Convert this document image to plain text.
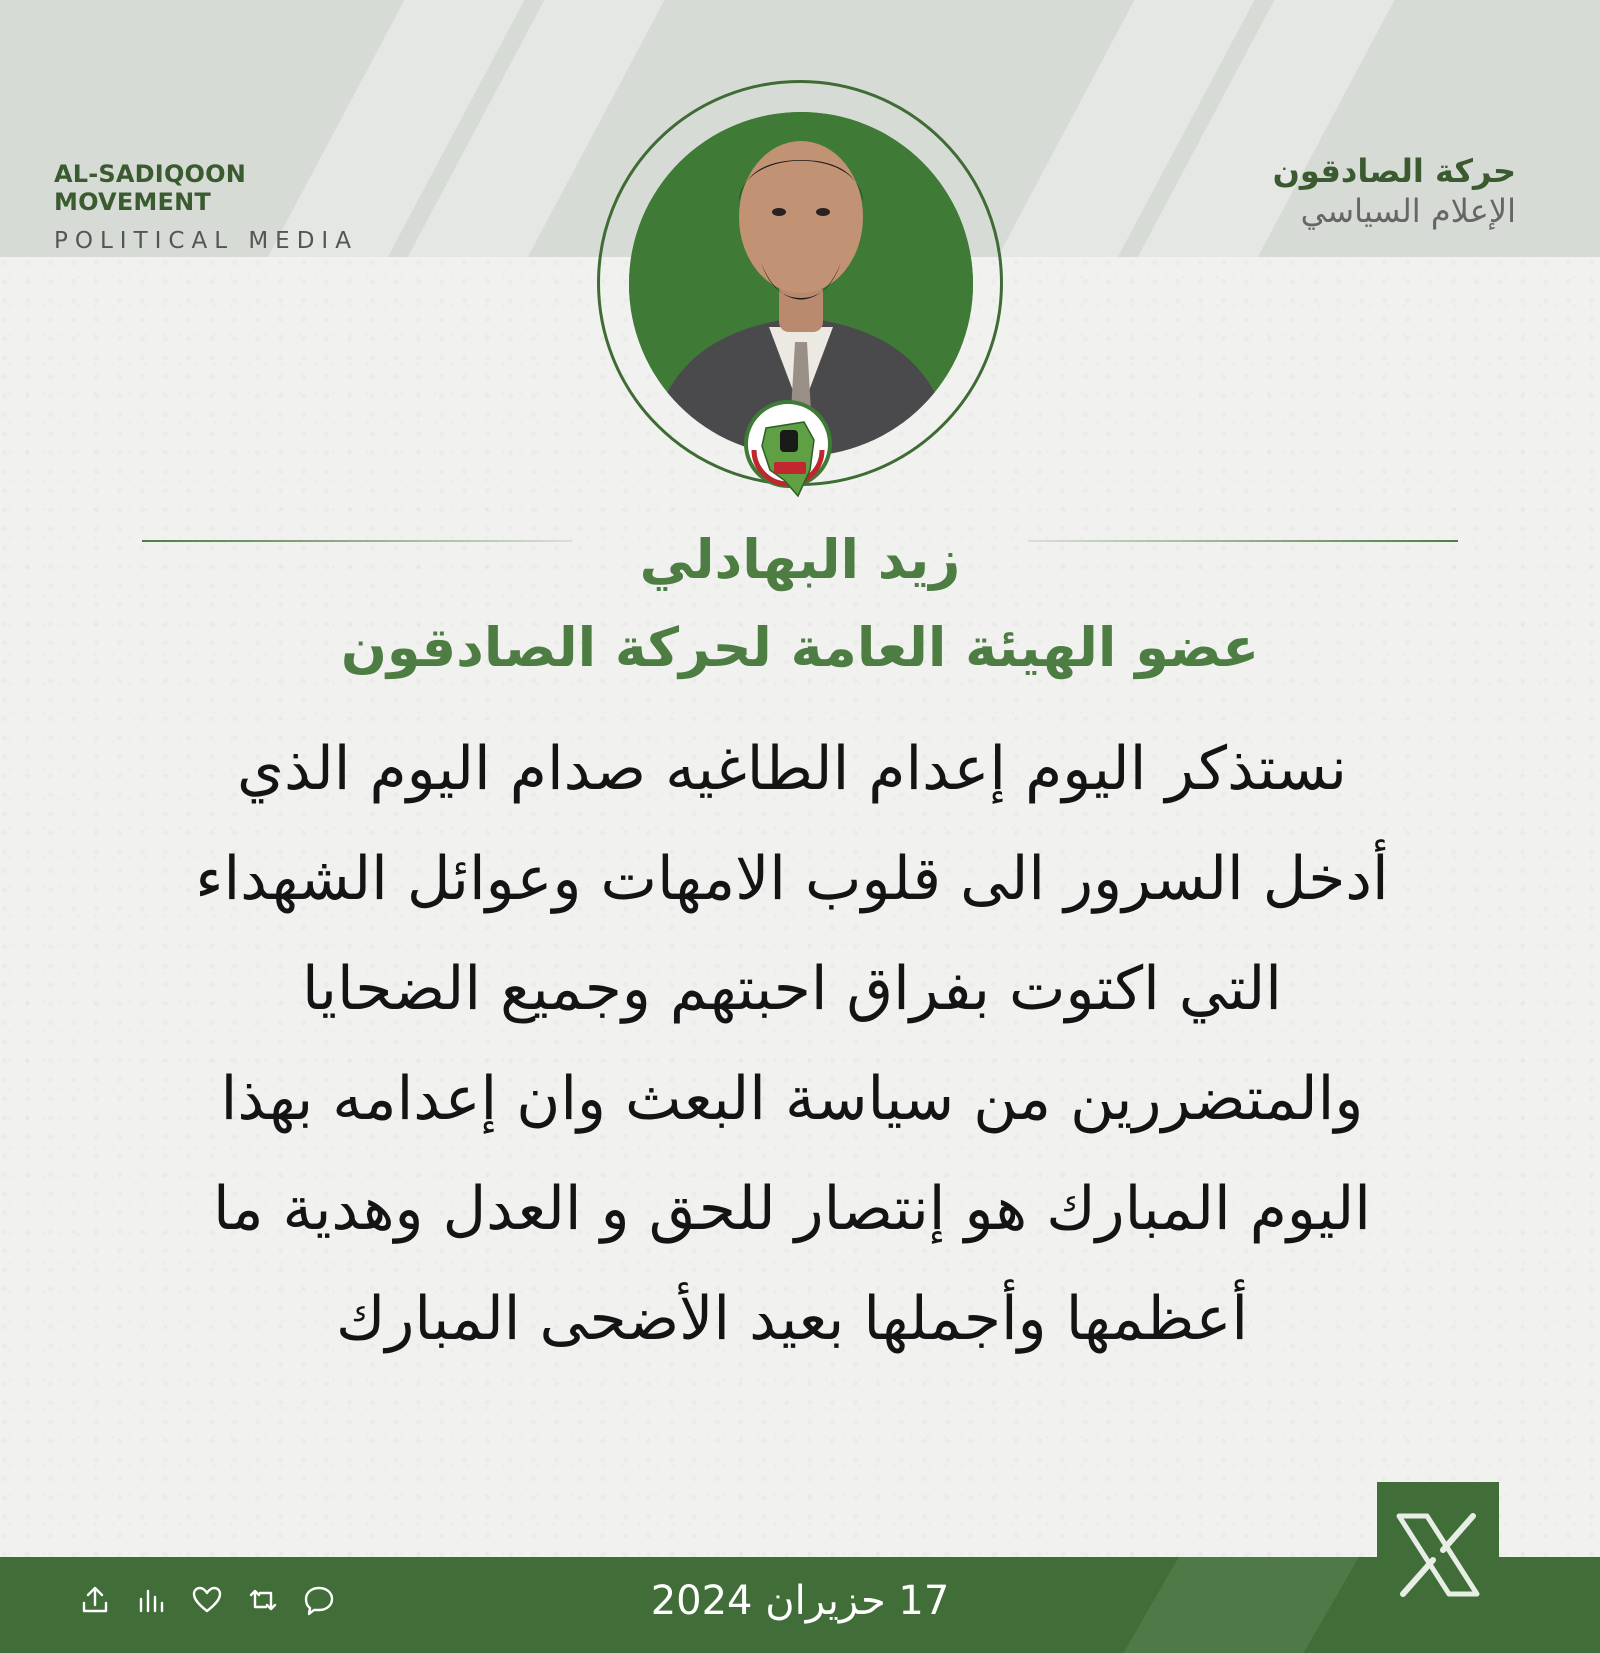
AL-SADIQOON MOVEMENT
POLITICAL MEDIA
حركة الصادقون
الإعلام السياسي
زيد البهادلي
عضو الهيئة العامة لحركة الصادقون
نستذكر اليوم إعدام الطاغيه صدام اليوم الذي
أدخل السرور الى قلوب الامهات وعوائل الشهداء
التي اكتوت بفراق احبتهم وجميع الضحايا
والمتضررين من سياسة البعث وان إعدامه بهذا
اليوم المبارك هو إنتصار للحق و العدل وهدية ما
أعظمها وأجملها بعيد الأضحى المبارك
17 حزيران 2024
